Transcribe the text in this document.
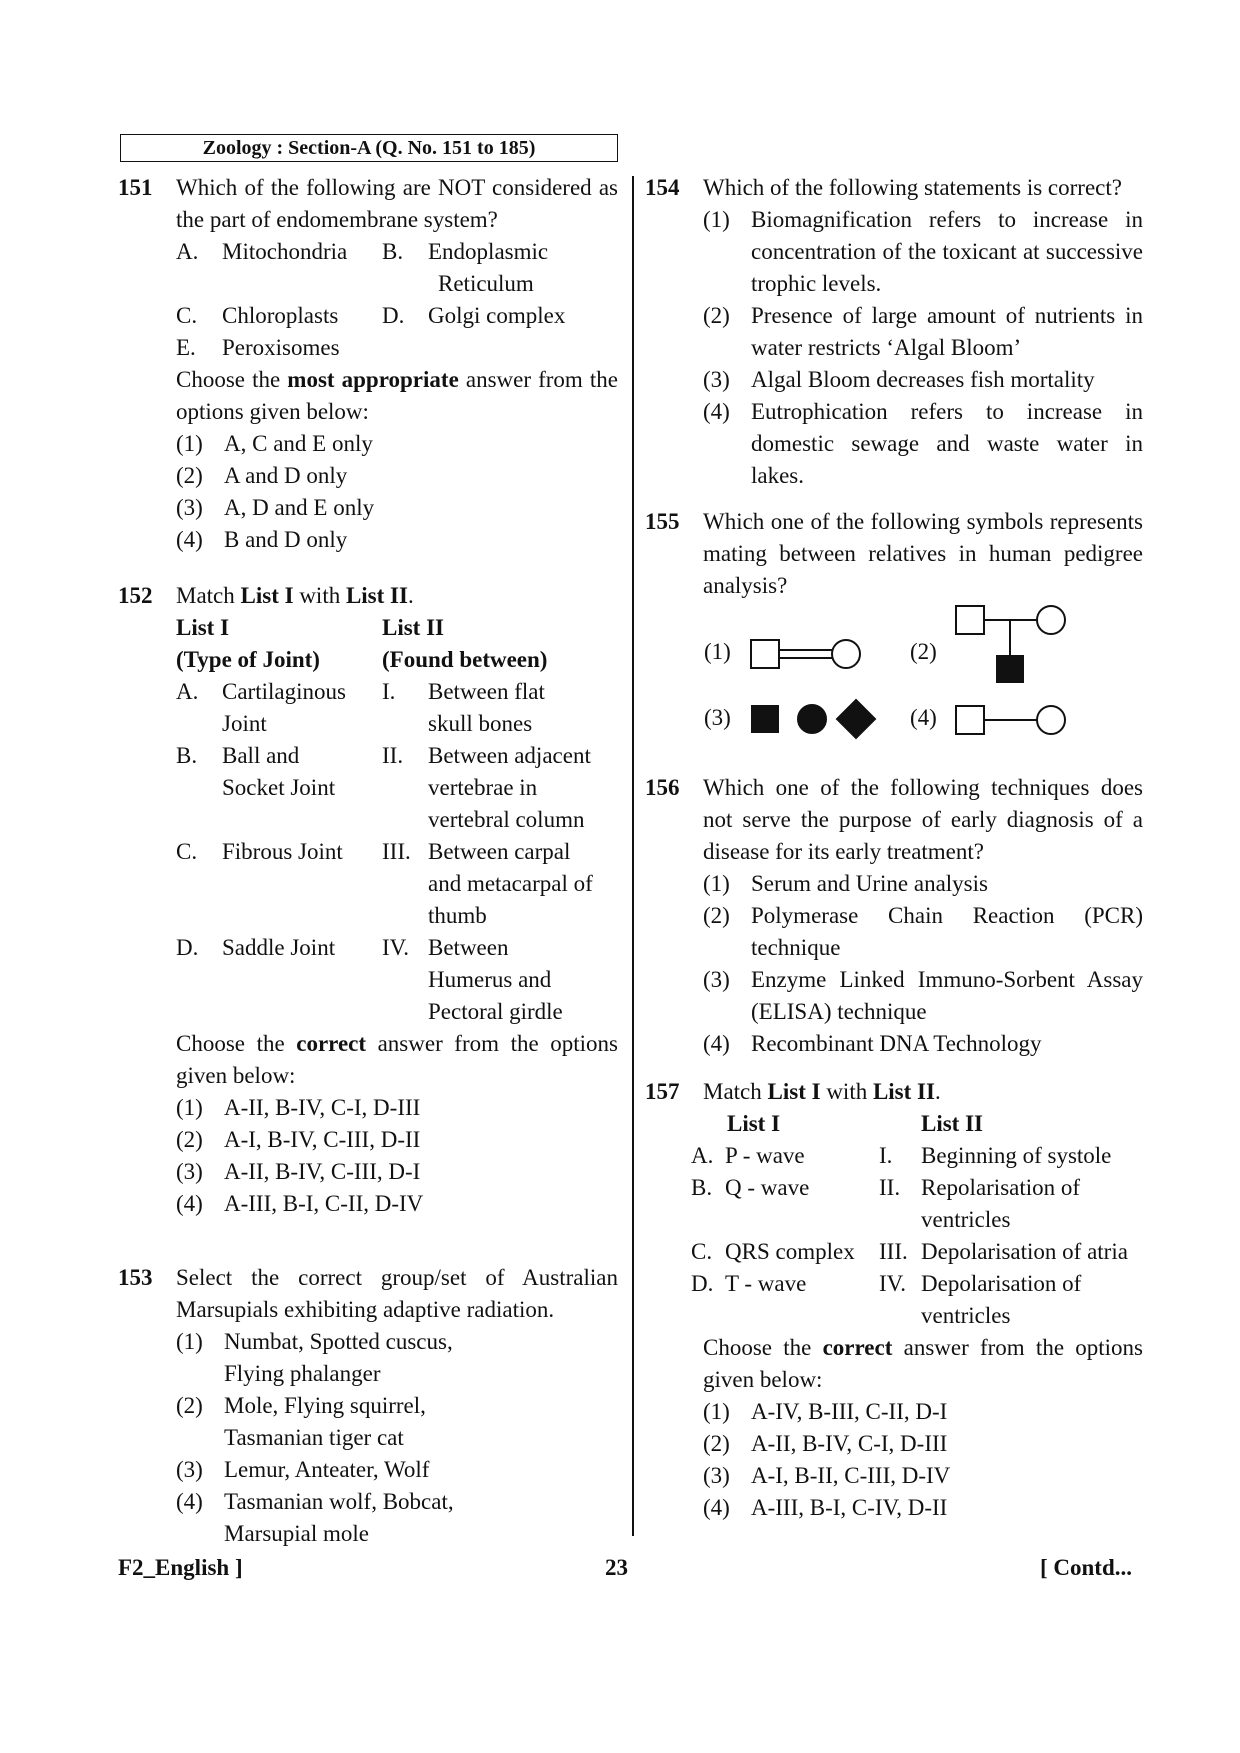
Zoology : Section-A (Q. No. 151 to 185)
151 Which of the following are NOT considered as the part of endomembrane system?
A. Mitochondria B. Endoplasmic
Reticulum
C. Chloroplasts D. Golgi complex
E. Peroxisomes
Choose the most appropriate answer from the options given below:
(1) A, C and E only
(2) A and D only
(3) A, D and E only
(4) B and D only
152 Match List I with List II.
List I	List II
(Type of Joint)	(Found between)
A. Cartilaginous I. Between flat
Joint	skull bones
B. Ball and	II. Between adjacent
Socket Joint	vertebrae in
vertebral column
C. Fibrous Joint III. Between carpal
and metacarpal of
thumb
D. Saddle Joint IV. Between
Humerus and
Pectoral girdle
Choose the correct answer from the options given below:
(1) A-II, B-IV, C-I, D-III
(2) A-I, B-IV, C-III, D-II
(3) A-II, B-IV, C-III, D-I
(4) A-III, B-I, C-II, D-IV
153 Select the correct group/set of Australian Marsupials exhibiting adaptive radiation.
(1) Numbat, Spotted cuscus,
Flying phalanger
(2) Mole, Flying squirrel,
Tasmanian tiger cat
(3) Lemur, Anteater, Wolf
(4) Tasmanian wolf, Bobcat,
Marsupial mole
154 Which of the following statements is correct?
(1) Biomagnification refers to increase in concentration of the toxicant at successive trophic levels.
(2) Presence of large amount of nutrients in water restricts ‘Algal Bloom’
(3) Algal Bloom decreases fish mortality
(4) Eutrophication refers to increase in domestic sewage and waste water in lakes.
155 Which one of the following symbols represents mating between relatives in human pedigree analysis?
(1)	(2)
(3)	(4)
156 Which one of the following techniques does not serve the purpose of early diagnosis of a disease for its early treatment?
(1) Serum and Urine analysis
(2) Polymerase Chain Reaction (PCR) technique
(3) Enzyme Linked Immuno-Sorbent Assay (ELISA) technique
(4) Recombinant DNA Technology
157 Match List I with List II.
List I	List II
A. P - wave	I. Beginning of systole
B. Q - wave	II. Repolarisation of
ventricles
C. QRS complex III. Depolarisation of atria
D. T - wave	IV. Depolarisation of
ventricles
Choose the correct answer from the options given below:
(1) A-IV, B-III, C-II, D-I
(2) A-II, B-IV, C-I, D-III
(3) A-I, B-II, C-III, D-IV
(4) A-III, B-I, C-IV, D-II
F2_English ]	23	[ Contd...
